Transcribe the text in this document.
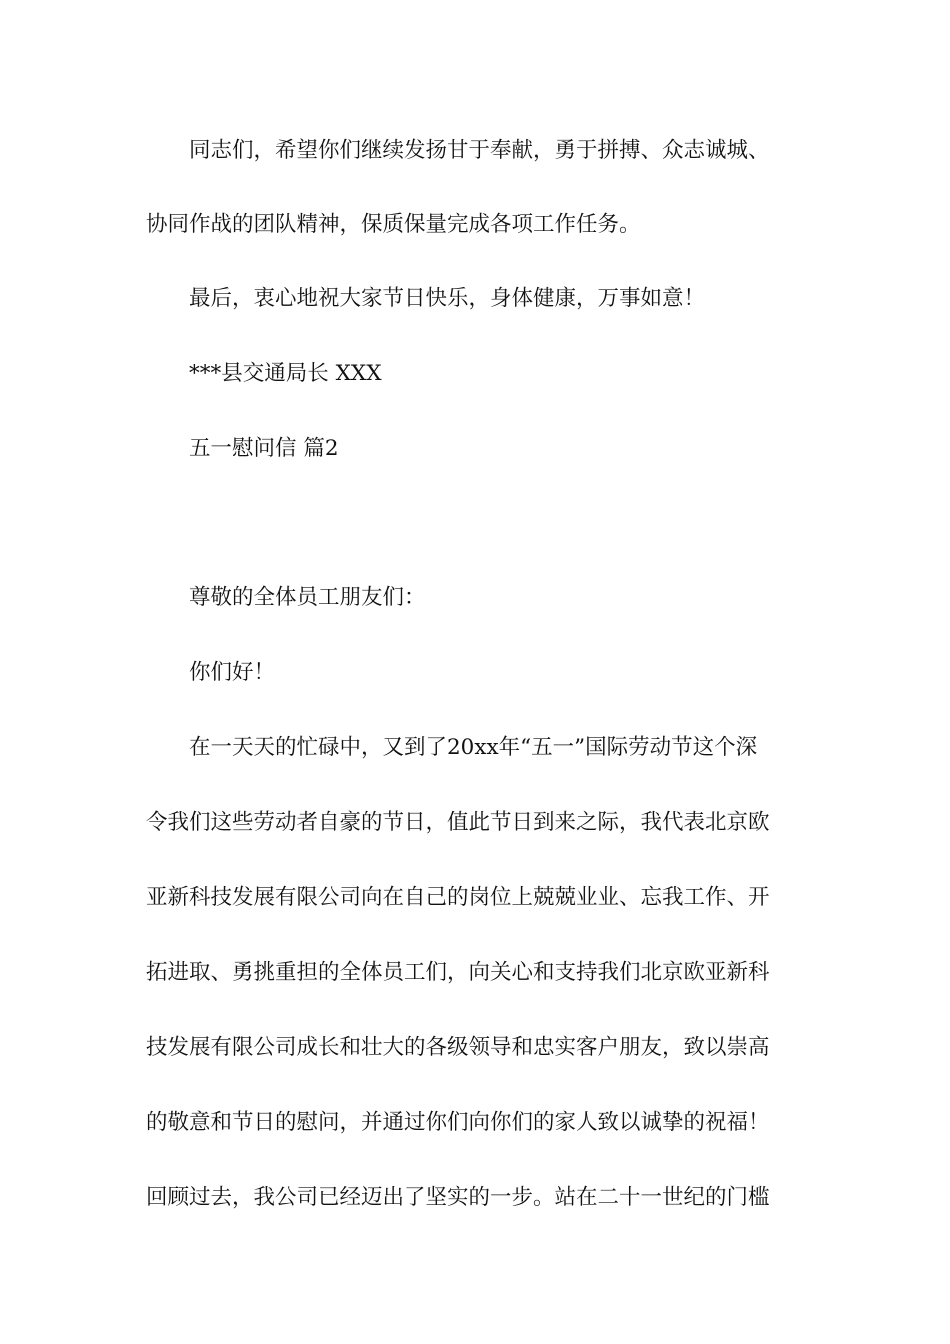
同志们，希望你们继续发扬甘于奉献，勇于拼搏、众志诚城、

协同作战的团队精神，保质保量完成各项工作任务。

最后，衷心地祝大家节日快乐，身体健康，万事如意！

***县交通局长 XXX

五一慰问信 篇2

尊敬的全体员工朋友们：

你们好！

在一天天的忙碌中，又到了20xx年“五一”国际劳动节这个深

令我们这些劳动者自豪的节日，值此节日到来之际，我代表北京欧

亚新科技发展有限公司向在自己的岗位上兢兢业业、忘我工作、开

拓进取、勇挑重担的全体员工们，向关心和支持我们北京欧亚新科

技发展有限公司成长和壮大的各级领导和忠实客户朋友，致以崇高

的敬意和节日的慰问，并通过你们向你们的家人致以诚挚的祝福！

回顾过去，我公司已经迈出了坚实的一步。站在二十一世纪的门槛
